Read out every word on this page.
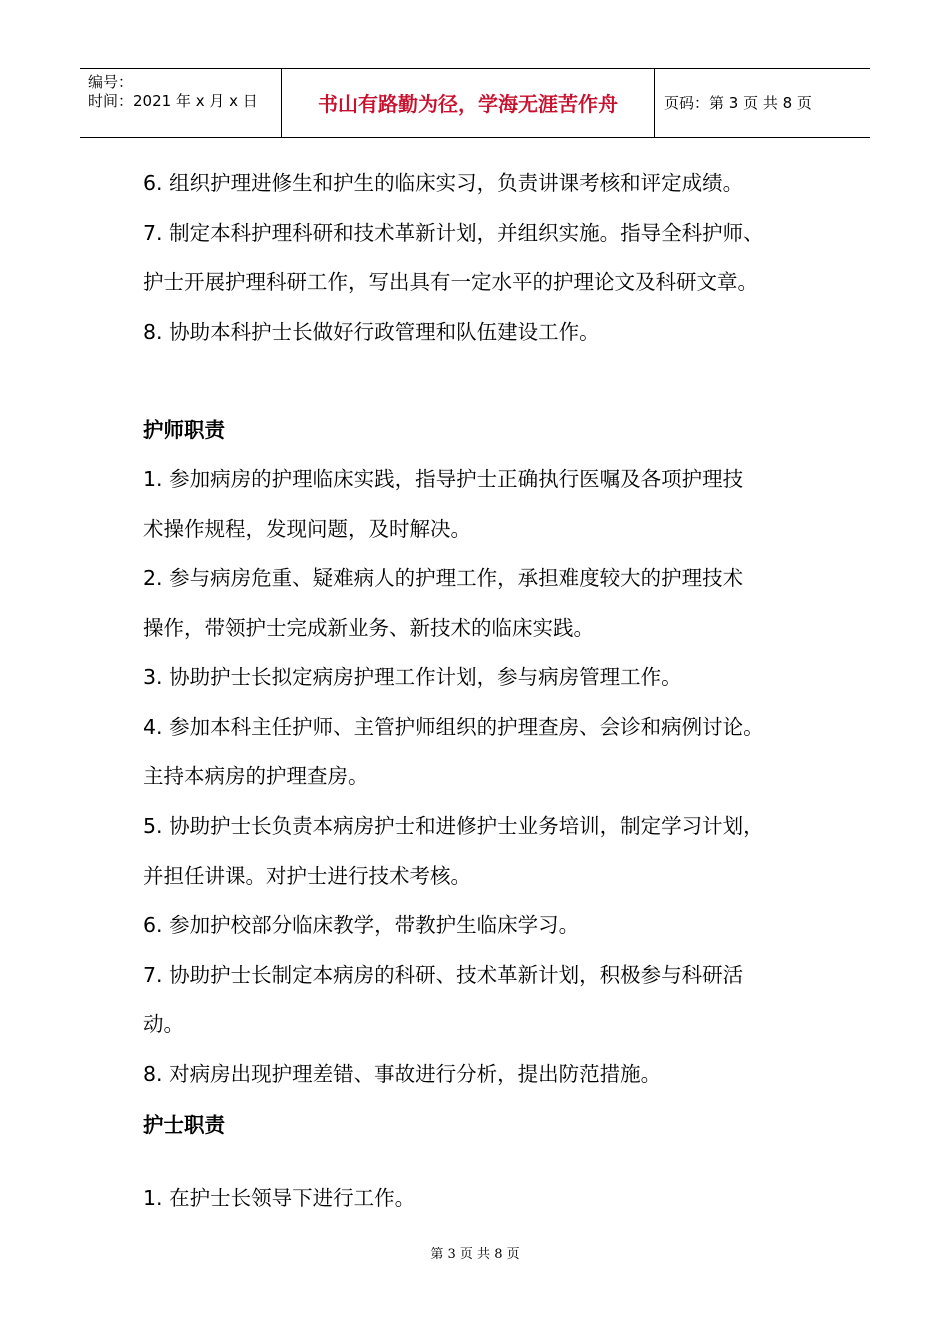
编号：
时间：2021 年 x 月 x 日	书山有路勤为径，学海无涯苦作舟	页码：第 3 页 共 8 页
6. 组织护理进修生和护生的临床实习，负责讲课考核和评定成绩。
7. 制定本科护理科研和技术革新计划，并组织实施。指导全科护师、
护士开展护理科研工作，写出具有一定水平的护理论文及科研文章。
8. 协助本科护士长做好行政管理和队伍建设工作。
护师职责
1. 参加病房的护理临床实践，指导护士正确执行医嘱及各项护理技
术操作规程，发现问题，及时解决。
2. 参与病房危重、疑难病人的护理工作，承担难度较大的护理技术
操作，带领护士完成新业务、新技术的临床实践。
3. 协助护士长拟定病房护理工作计划，参与病房管理工作。
4. 参加本科主任护师、主管护师组织的护理查房、会诊和病例讨论。
主持本病房的护理查房。
5. 协助护士长负责本病房护士和进修护士业务培训，制定学习计划，
并担任讲课。对护士进行技术考核。
6. 参加护校部分临床教学，带教护生临床学习。
7. 协助护士长制定本病房的科研、技术革新计划，积极参与科研活
动。
8. 对病房出现护理差错、事故进行分析，提出防范措施。
护士职责
1. 在护士长领导下进行工作。
第 3 页 共 8 页
